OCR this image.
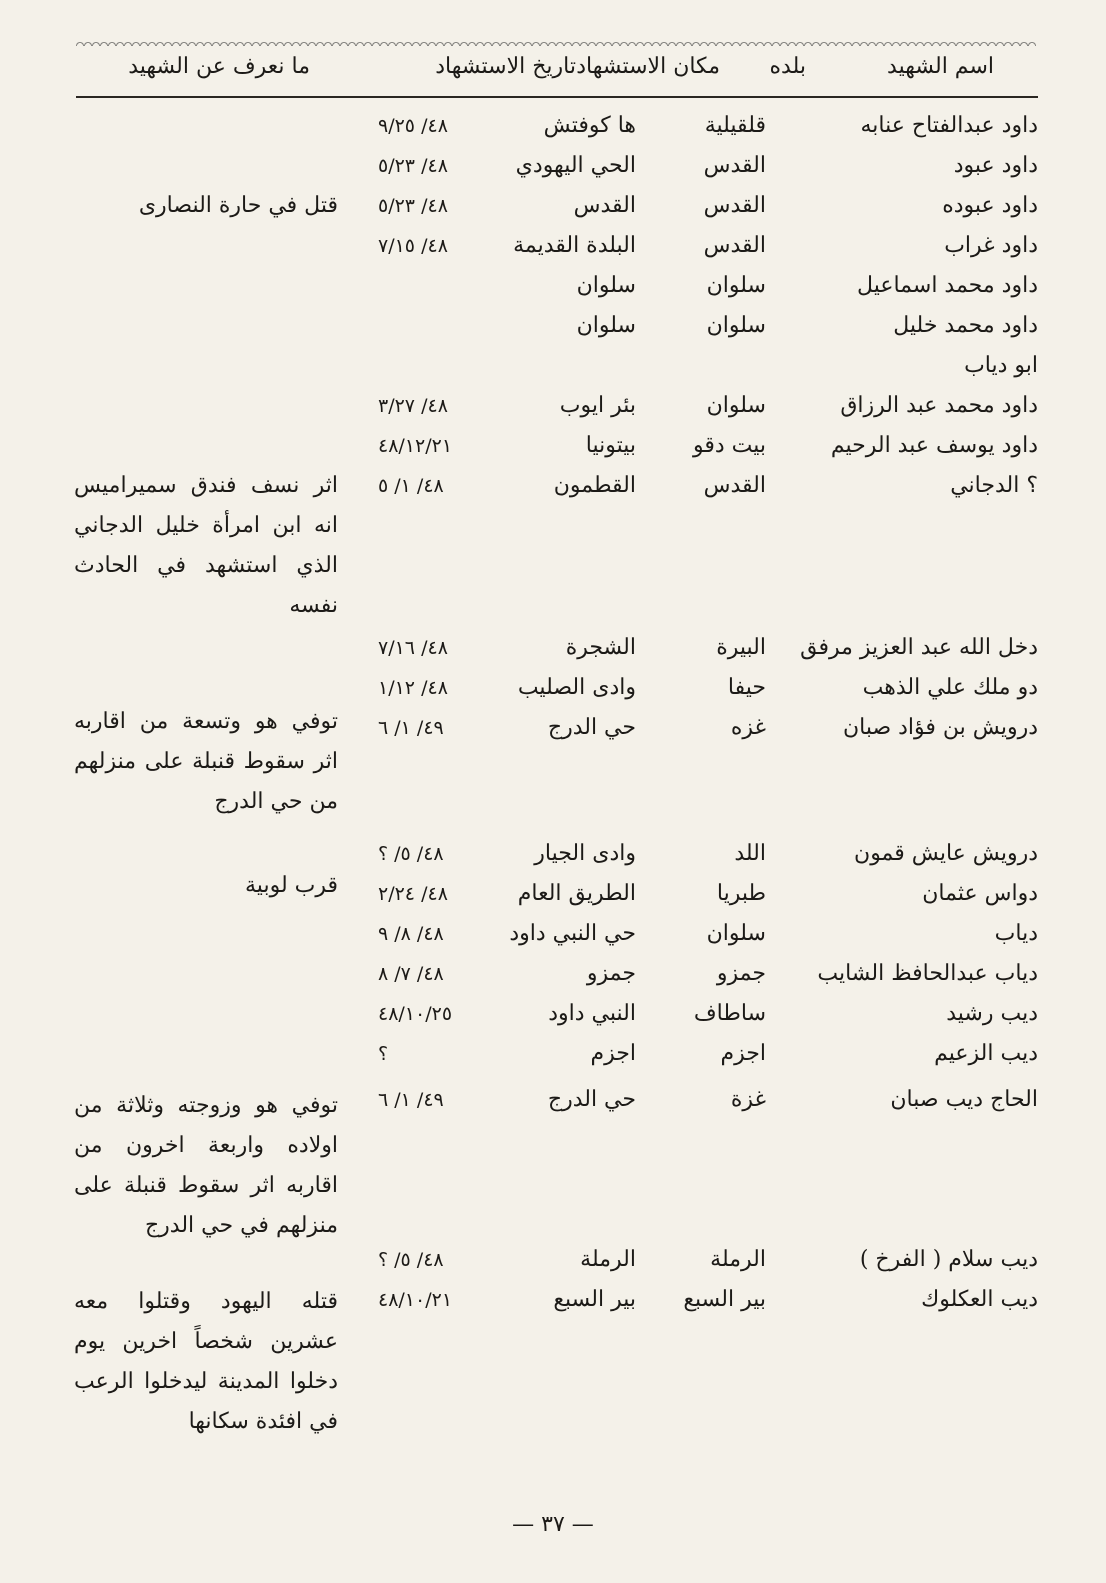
اسم الشهيد
بلده
مكان الاستشهاد
تاريخ الاستشهاد
ما نعرف عن الشهيد
داود عبدالفتاح عنابه
قلقيلية
ها كوفتش
٤٨/ ٩/٢٥
داود عبود
القدس
الحي اليهودي
٤٨/ ٥/٢٣
داود عبوده
القدس
القدس
٤٨/ ٥/٢٣
داود غراب
القدس
البلدة القديمة
٤٨/ ٧/١٥
داود محمد اسماعيل
سلوان
سلوان
داود محمد خليل
سلوان
سلوان
ابو دياب
داود محمد عبد الرزاق
سلوان
بئر ايوب
٤٨/ ٣/٢٧
داود يوسف عبد الرحيم
بيت دقو
بيتونيا
٤٨/١٢/٢١
؟ الدجاني
القدس
القطمون
٤٨/ ١/ ٥
دخل الله عبد العزيز مرفق
البيرة
الشجرة
٤٨/ ٧/١٦
دو ملك علي الذهب
حيفا
وادى الصليب
٤٨/ ١/١٢
درويش بن فؤاد صبان
غزه
حي الدرج
٤٩/ ١/ ٦
درويش عايش قمون
اللد
وادى الجيار
٤٨/ ٥/ ؟
دواس عثمان
طبريا
الطريق العام
٤٨/ ٢/٢٤
دياب
سلوان
حي النبي داود
٤٨/ ٨/ ٩
دياب عبدالحافظ الشايب
جمزو
جمزو
٤٨/ ٧/ ٨
ديب رشيد
ساطاف
النبي داود
٤٨/١٠/٢٥
ديب الزعيم
اجزم
اجزم
؟
الحاج ديب صبان
غزة
حي الدرج
٤٩/ ١/ ٦
ديب سلام ( الفرخ )
الرملة
الرملة
٤٨/ ٥/ ؟
ديب العكلوك
بير السبع
بير السبع
٤٨/١٠/٢١
قتل في حارة النصارى
اثر نسف فندق سميراميس انه ابن امرأة خليل الدجاني الذي استشهد في الحادث نفسه
توفي هو وتسعة من اقاربه اثر سقوط قنبلة على منزلهم من حي الدرج
قرب لوبية
توفي هو وزوجته وثلاثة من اولاده واربعة اخرون من اقاربه اثر سقوط قنبلة على منزلهم في حي الدرج
قتله اليهود وقتلوا معه عشرين شخصاً اخرين يوم دخلوا المدينة ليدخلوا الرعب في افئدة سكانها
— ٣٧ —
